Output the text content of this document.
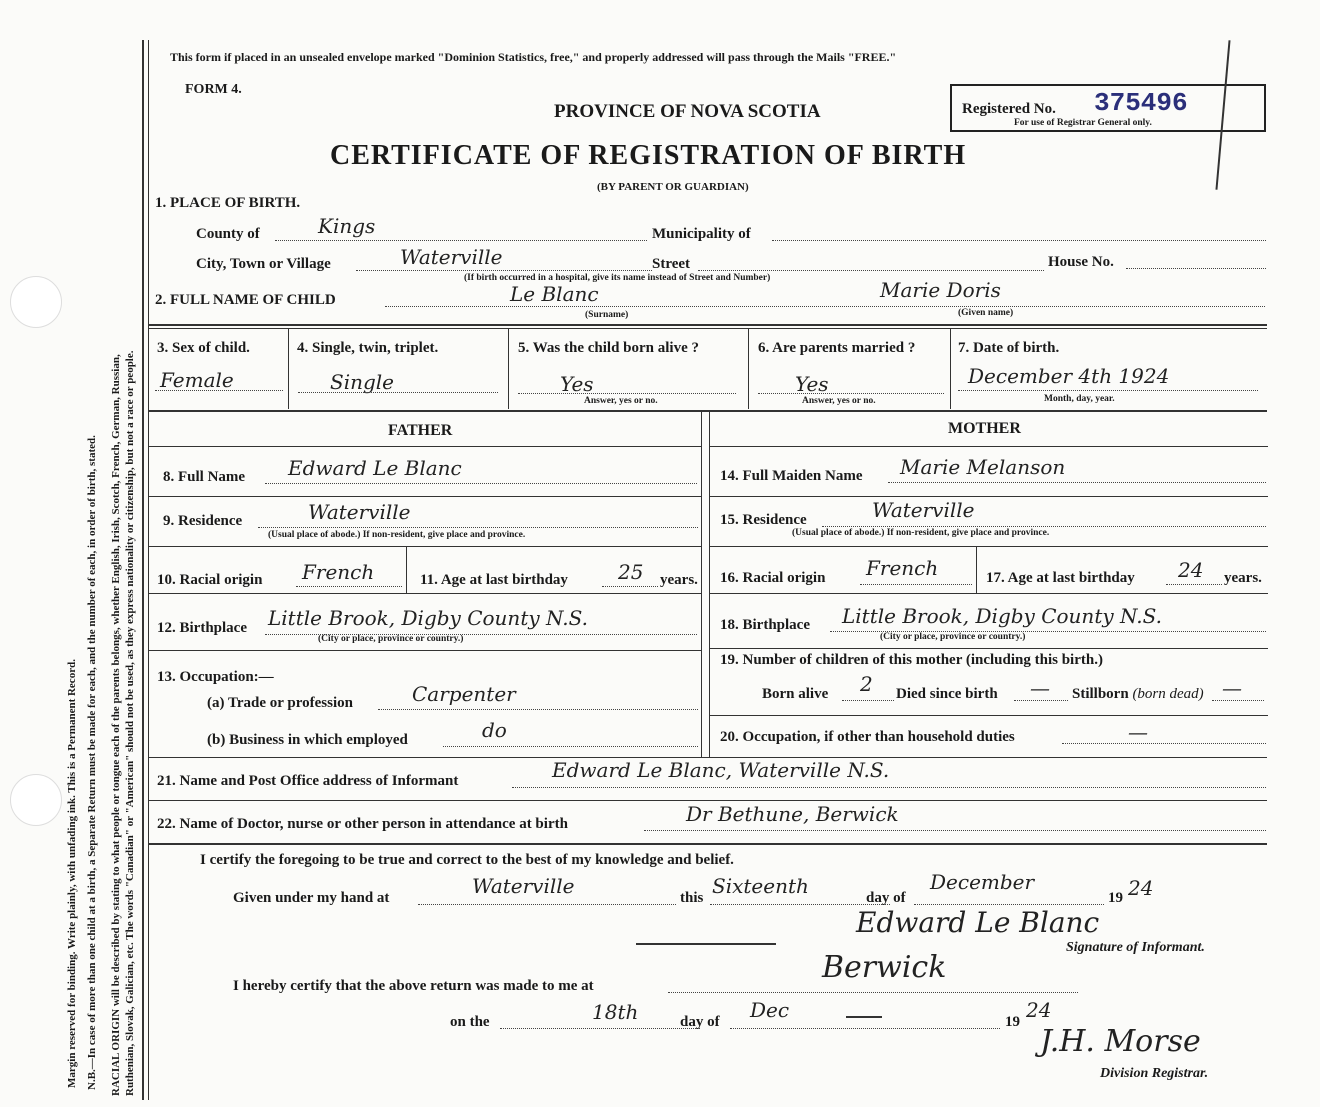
Margin reserved for binding. Write plainly, with unfading ink. This is a Permanent Record. N.B.—In case of more than one child at a birth, a Separate Return must be made for each, and the number of each, in order of birth, stated. RACIAL ORIGIN will be described by stating to what people or tongue each of the parents belongs, whether English, Irish, Scotch, French, German, Russian, Ruthenian, Slovak, Galician, etc. The words "Canadian" or "American" should not be used, as they express nationality or citizenship, but not a race or people.
This form if placed in an unsealed envelope marked "Dominion Statistics, free," and properly addressed will pass through the Mails "FREE."
FORM 4.
PROVINCE OF NOVA SCOTIA
CERTIFICATE OF REGISTRATION OF BIRTH
(BY PARENT OR GUARDIAN)
Registered No. 375496
For use of Registrar General only.
1. PLACE OF BIRTH.
County of	Kings	Municipality of
City, Town or Village	Waterville	Street	House No.
(If birth occurred in a hospital, give its name instead of Street and Number)
2. FULL NAME OF CHILD	Le Blanc
(Surname)
Marie Doris
(Given name)
3. Sex of child.
Female
4. Single, twin, triplet.
Single
5. Was the child born alive ?
Yes
Answer, yes or no.
6. Are parents married ?
Yes
Answer, yes or no.
7. Date of birth.
December 4th 1924
Month, day, year.
FATHER	MOTHER
8. Full Name Edward Le Blanc
9. Residence	Waterville
(Usual place of abode.) If non-resident, give place and province.
10. Racial origin French	11. Age at last birthday	25 years.
12. Birthplace Little Brook, Digby County N.S.
(City or place, province or country.)
13. Occupation:—
(a) Trade or profession	Carpenter
(b) Business in which employed	do
14. Full Maiden Name Marie Melanson
15. Residence	Waterville
(Usual place of abode.) If non-resident, give place and province.
16. Racial origin French	17. Age at last birthday 24 years.
18. Birthplace Little Brook, Digby County N.S.
(City or place, province or country.)
19. Number of children of this mother (including this birth.)
Born alive 2 Died since birth — Stillborn (born dead) —
20. Occupation, if other than household duties	—
21. Name and Post Office address of Informant	Edward Le Blanc, Waterville N.S.
22. Name of Doctor, nurse or other person in attendance at birth	Dr Bethune, Berwick
I certify the foregoing to be true and correct to the best of my knowledge and belief.
Given under my hand at	Waterville	this Sixteenth	day of
December
19 24
Edward Le Blanc
Signature of Informant.
Berwick
I hereby certify that the above return was made to me at
on the	18th	day of Dec	19 24
J.H. Morse
Division Registrar.
